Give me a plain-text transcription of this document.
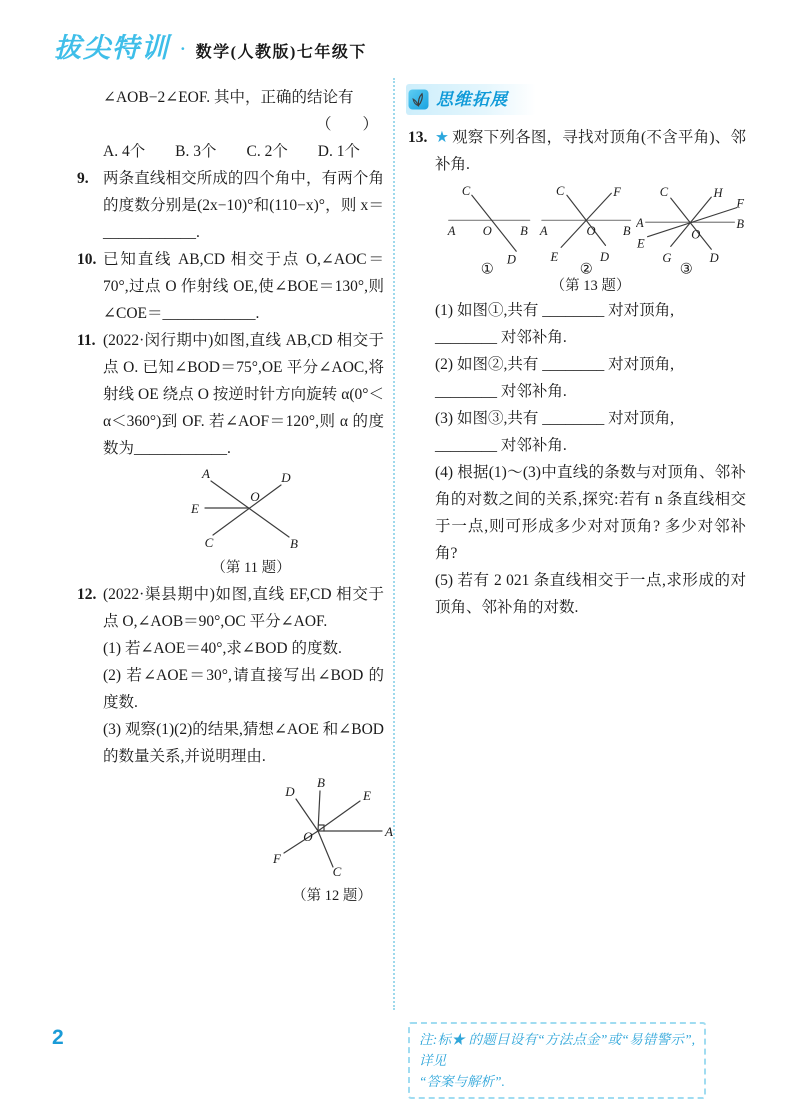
拔尖特训 · 数学(人教版)七年级下
∠AOB−2∠EOF. 其中，正确的结论有
（　　）
A. 4个 B. 3个 C. 2个 D. 1个
9. 两条直线相交所成的四个角中，有两个角的度数分别是(2x−10)°和(110−x)°，则 x＝____________.
10. 已知直线 AB,CD 相交于点 O,∠AOC＝70°,过点 O 作射线 OE,使∠BOE＝130°,则∠COE＝____________.
11. (2022·闵行期中)如图,直线 AB,CD 相交于点 O. 已知∠BOD＝75°,OE 平分∠AOC,将射线 OE 绕点 O 按逆时针方向旋转 α(0°＜α＜360°)到 OF. 若∠AOF＝120°,则 α 的度数为____________.
A	D
E
O
C	B
（第 11 题）
12. (2022·渠县期中)如图,直线 EF,CD 相交于点 O,∠AOB＝90°,OC 平分∠AOF.
(1) 若∠AOE＝40°,求∠BOD 的度数.
(2) 若∠AOE＝30°,请直接写出∠BOD 的度数.
(3) 观察(1)(2)的结果,猜想∠AOE 和∠BOD 的数量关系,并说明理由.
B
D	E
A
F
C
O
（第 12 题）
思维拓展
13. ★ 观察下列各图，寻找对顶角(不含平角)、邻补角.
C
A O B
D
①
C	F
A	O B
E	D
②
C	H
F
A	B
E
O
G	D
③
（第 13 题）
(1) 如图①,共有 ________ 对对顶角,
________ 对邻补角.
(2) 如图②,共有 ________ 对对顶角,
________ 对邻补角.
(3) 如图③,共有 ________ 对对顶角,
________ 对邻补角.
(4) 根据(1)～(3)中直线的条数与对顶角、邻补角的对数之间的关系,探究:若有 n 条直线相交于一点,则可形成多少对对顶角? 多少对邻补角?
(5) 若有 2 021 条直线相交于一点,求形成的对顶角、邻补角的对数.
2	注:标★ 的题目设有“方法点金”或“易错警示”,详见
“答案与解析”.
